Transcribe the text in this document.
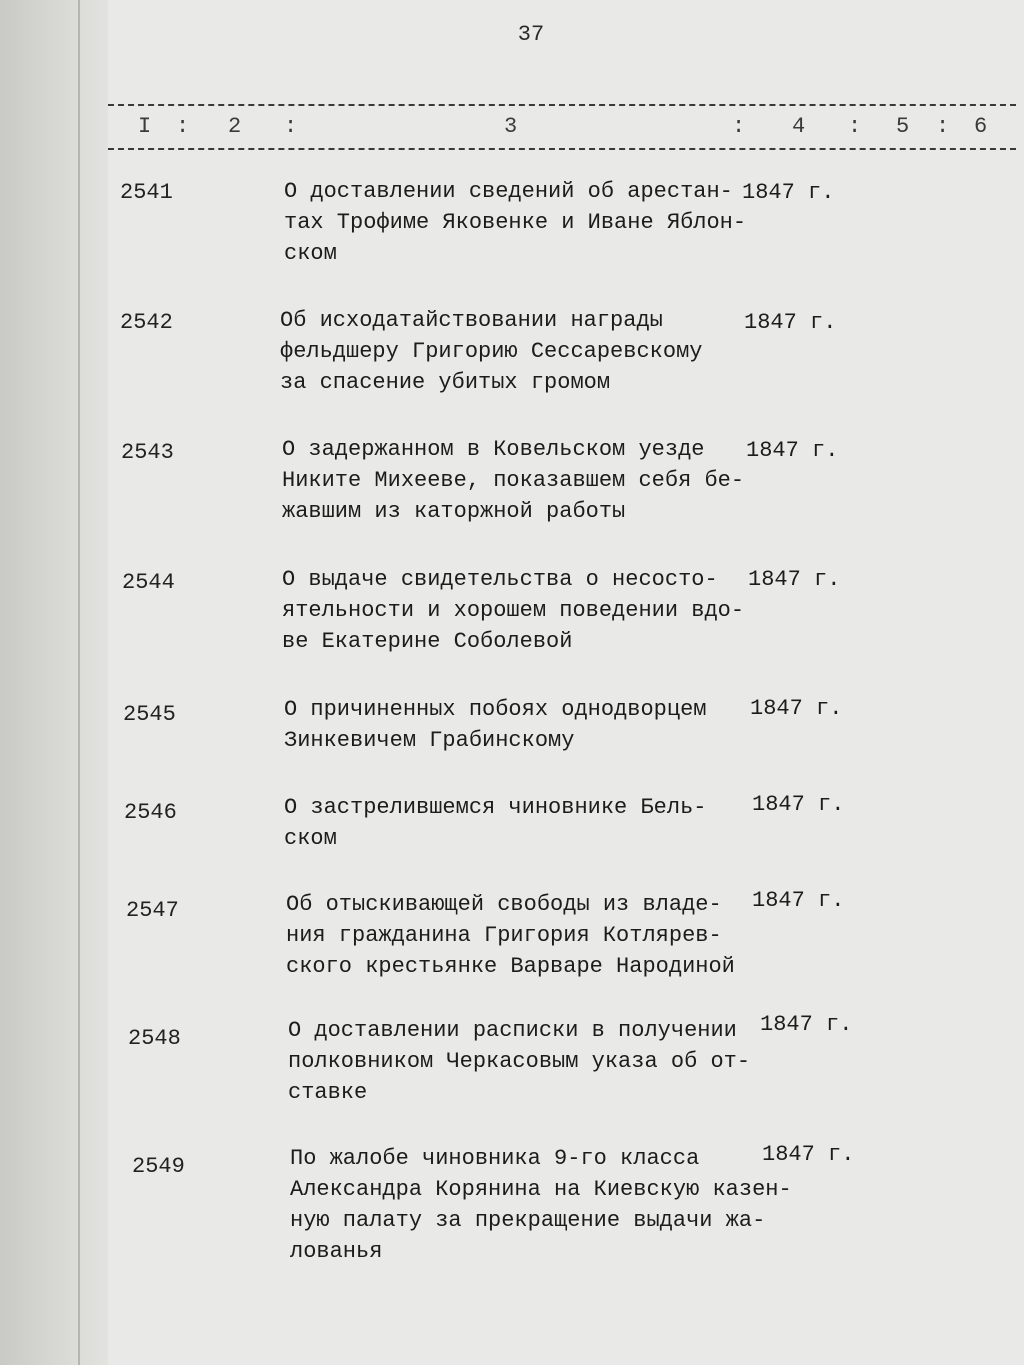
37
I : 2 :	3	: 4 : 5 : 6
2541	О доставлении сведений об арестан-
тах Трофиме Яковенке и Иване Яблон-
ском
1847 г.
2542	Об исходатайствовании награды
фельдшеру Григорию Сессаревскому
за спасение убитых громом
1847 г.
2543	О задержанном в Ковельском уезде
Никите Михееве, показавшем себя бе-
жавшим из каторжной работы
1847 г.
2544	О выдаче свидетельства о несосто-
ятельности и хорошем поведении вдо-
ве Екатерине Соболевой
1847 г.
2545	О причиненных побоях однодворцем
Зинкевичем Грабинскому
1847 г.
2546	О застрелившемся чиновнике Бель-
ском
1847 г.
2547	Об отыскивающей свободы из владе-
ния гражданина Григория Котлярев-
ского крестьянке Варваре Народиной
1847 г.
2548	О доставлении расписки в получении
полковником Черкасовым указа об от-
ставке
1847 г.
2549	По жалобе чиновника 9-го класса
Александра Корянина на Киевскую казен-
ную палату за прекращение выдачи жа-
лованья
1847 г.
